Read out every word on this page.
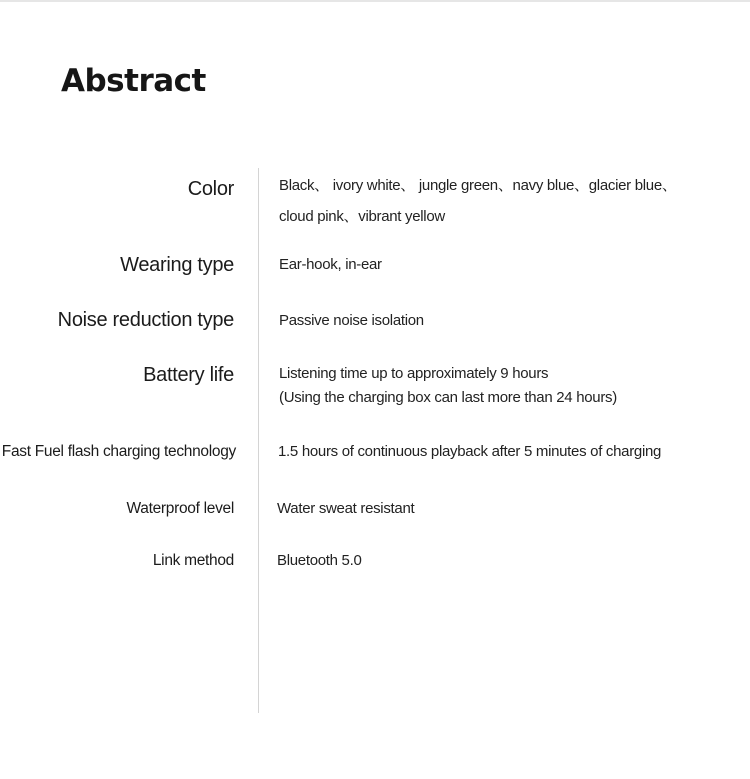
Abstract
Color	Black、 ivory white、 jungle green、navy blue、glacier blue、
cloud pink、vibrant yellow
Wearing type	Ear-hook, in-ear
Noise reduction type	Passive noise isolation
Battery life	Listening time up to approximately 9 hours
(Using the charging box can last more than 24 hours)
Fast Fuel flash charging technology	1.5 hours of continuous playback after 5 minutes of charging
Waterproof level	Water sweat resistant
Link method	Bluetooth 5.0
